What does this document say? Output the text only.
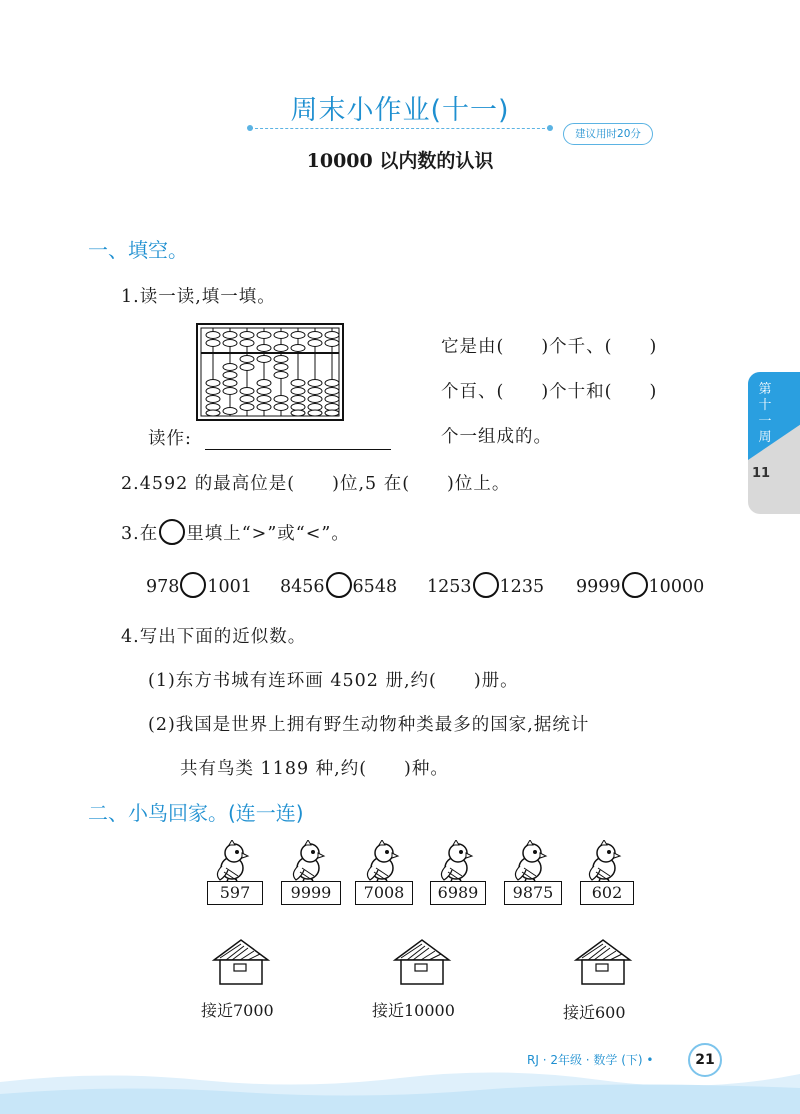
周末小作业(十一)
建议用时20分
10000 以内数的认识
第十一周
11
一、填空。
1.读一读,填一填。
读作:
它是由(　　)个千、(　　)
个百、(　　)个十和(　　)
个一组成的。
2.4592 的最高位是(　　)位,5 在(　　)位上。
3.在 里填上“>”或“<”。
978 1001 8456 6548 1253 1235 9999 10000
4.写出下面的近似数。
(1)东方书城有连环画 4502 册,约(　　)册。
(2)我国是世界上拥有野生动物种类最多的国家,据统计
共有鸟类 1189 种,约(　　)种。
二、小鸟回家。(连一连)
597	9999	7008	6989	9875	602
接近7000	接近10000	接近600
RJ · 2年级 · 数学 (下) •	21
